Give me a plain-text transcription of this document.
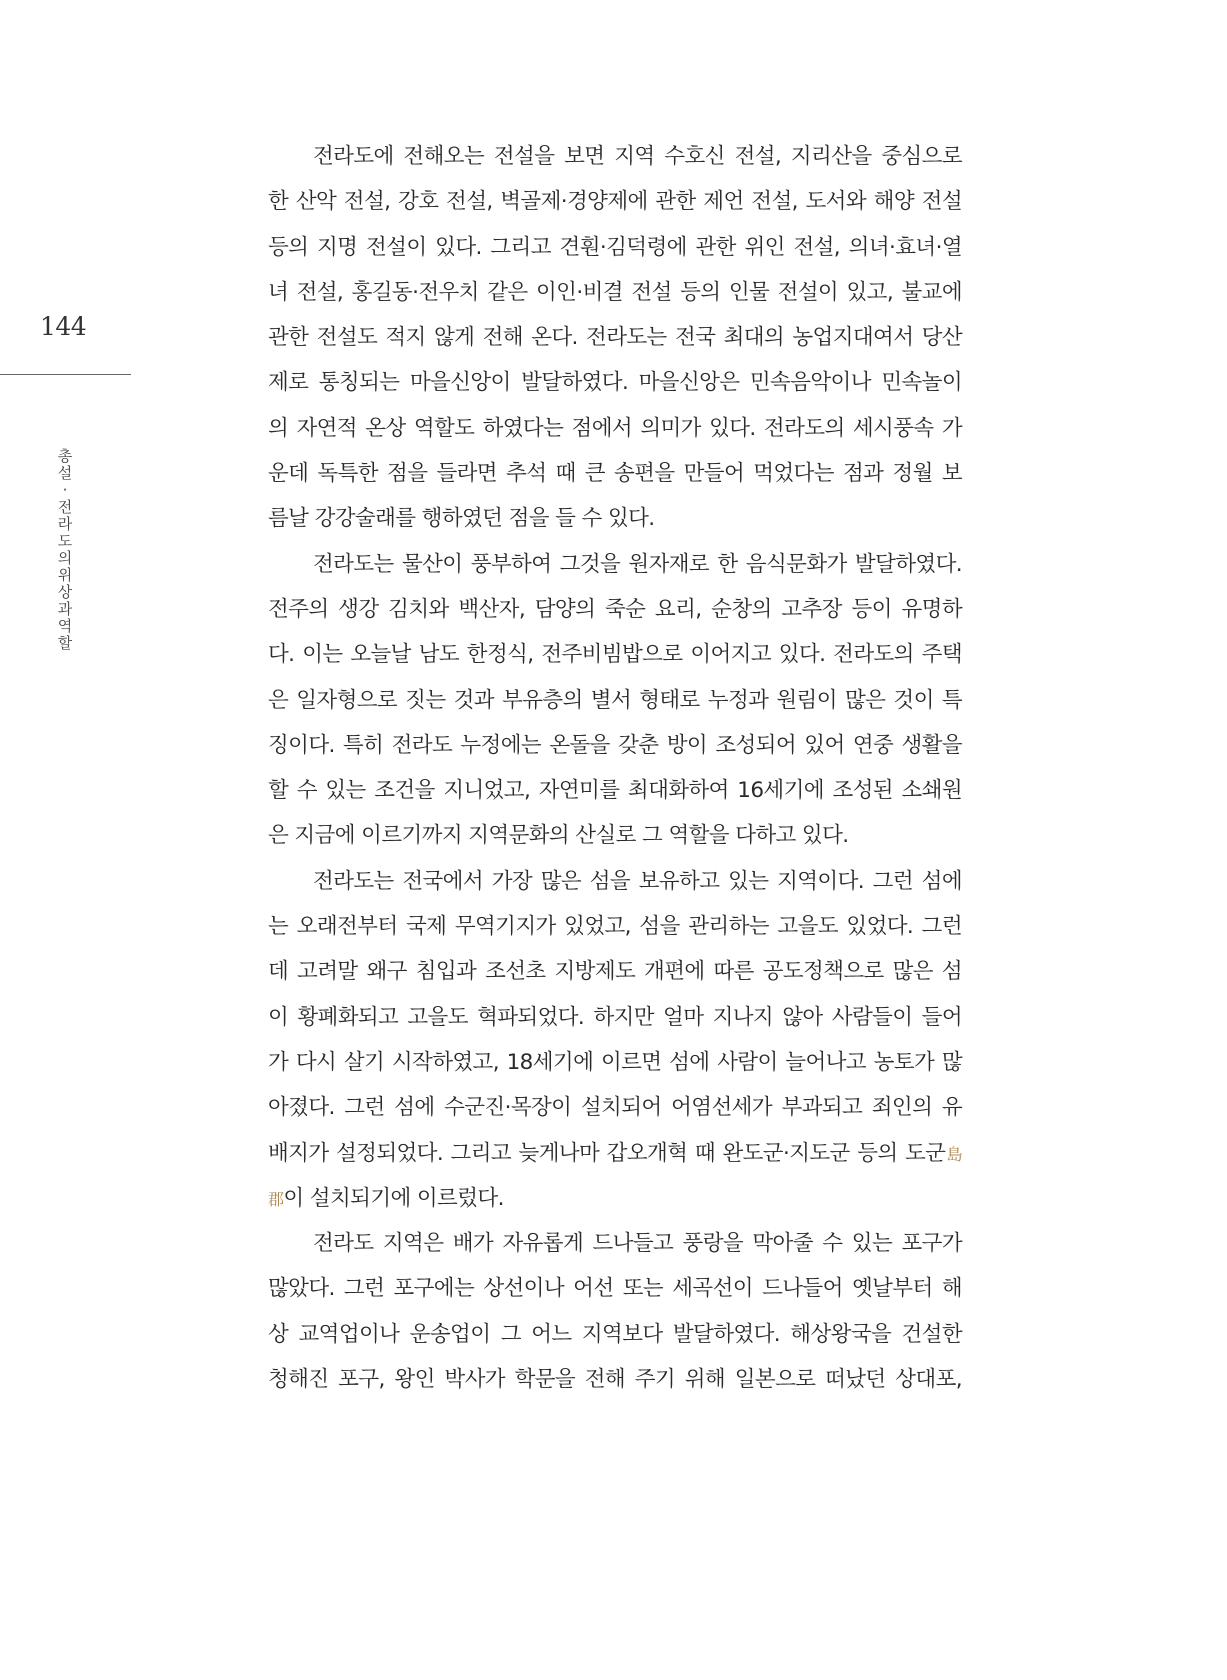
144
총
설
·
전
라
도
의
위
상
과
역
할
전라도에 전해오는 전설을 보면 지역 수호신 전설, 지리산을 중심으로
한 산악 전설, 강호 전설, 벽골제·경양제에 관한 제언 전설, 도서와 해양 전설
등의 지명 전설이 있다. 그리고 견훤·김덕령에 관한 위인 전설, 의녀·효녀·열
녀 전설, 홍길동·전우치 같은 이인·비결 전설 등의 인물 전설이 있고, 불교에
관한 전설도 적지 않게 전해 온다. 전라도는 전국 최대의 농업지대여서 당산
제로 통칭되는 마을신앙이 발달하였다. 마을신앙은 민속음악이나 민속놀이
의 자연적 온상 역할도 하였다는 점에서 의미가 있다. 전라도의 세시풍속 가
운데 독특한 점을 들라면 추석 때 큰 송편을 만들어 먹었다는 점과 정월 보
름날 강강술래를 행하였던 점을 들 수 있다.
전라도는 물산이 풍부하여 그것을 원자재로 한 음식문화가 발달하였다.
전주의 생강 김치와 백산자, 담양의 죽순 요리, 순창의 고추장 등이 유명하
다. 이는 오늘날 남도 한정식, 전주비빔밥으로 이어지고 있다. 전라도의 주택
은 일자형으로 짓는 것과 부유층의 별서 형태로 누정과 원림이 많은 것이 특
징이다. 특히 전라도 누정에는 온돌을 갖춘 방이 조성되어 있어 연중 생활을
할 수 있는 조건을 지니었고, 자연미를 최대화하여 16세기에 조성된 소쇄원
은 지금에 이르기까지 지역문화의 산실로 그 역할을 다하고 있다.
전라도는 전국에서 가장 많은 섬을 보유하고 있는 지역이다. 그런 섬에
는 오래전부터 국제 무역기지가 있었고, 섬을 관리하는 고을도 있었다. 그런
데 고려말 왜구 침입과 조선초 지방제도 개편에 따른 공도정책으로 많은 섬
이 황폐화되고 고을도 혁파되었다. 하지만 얼마 지나지 않아 사람들이 들어
가 다시 살기 시작하였고, 18세기에 이르면 섬에 사람이 늘어나고 농토가 많
아졌다. 그런 섬에 수군진·목장이 설치되어 어염선세가 부과되고 죄인의 유
배지가 설정되었다. 그리고 늦게나마 갑오개혁 때 완도군·지도군 등의 도군島
郡이 설치되기에 이르렀다.
전라도 지역은 배가 자유롭게 드나들고 풍랑을 막아줄 수 있는 포구가
많았다. 그런 포구에는 상선이나 어선 또는 세곡선이 드나들어 옛날부터 해
상 교역업이나 운송업이 그 어느 지역보다 발달하였다. 해상왕국을 건설한
청해진 포구, 왕인 박사가 학문을 전해 주기 위해 일본으로 떠났던 상대포,
